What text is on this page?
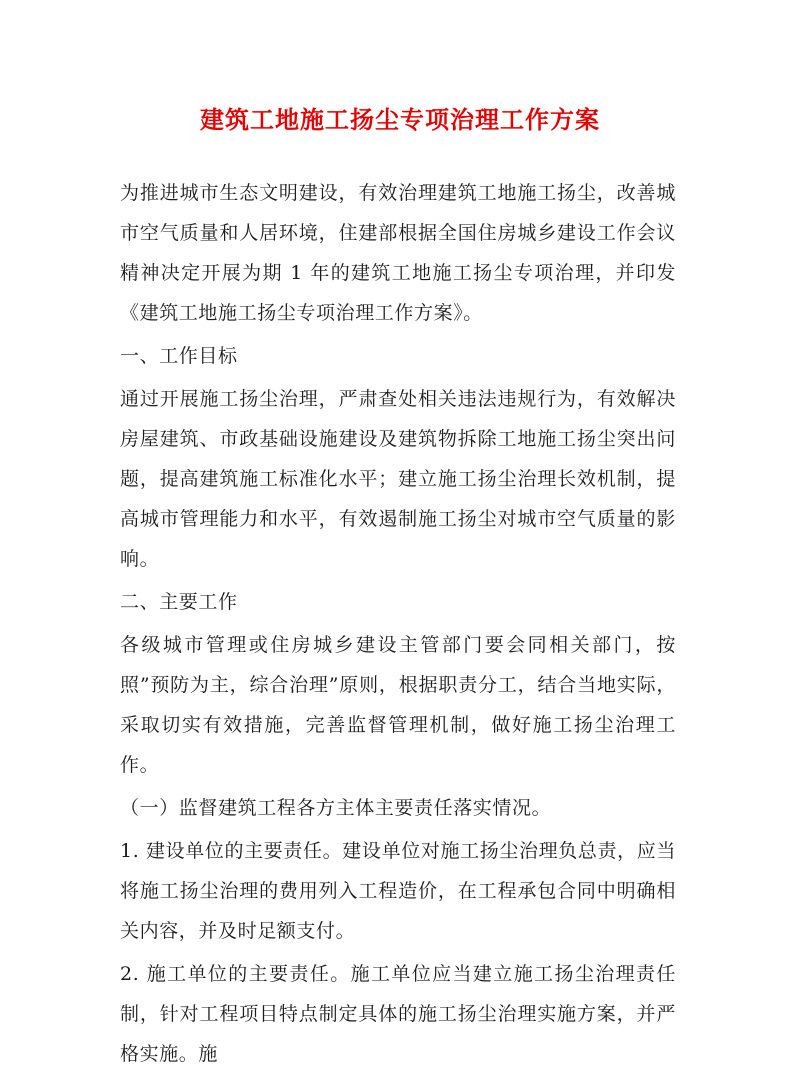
建筑工地施工扬尘专项治理工作方案

为推进城市生态文明建设，有效治理建筑工地施工扬尘，改善城市空气质量和人居环境，住建部根据全国住房城乡建设工作会议精神决定开展为期 1 年的建筑工地施工扬尘专项治理，并印发《建筑工地施工扬尘专项治理工作方案》。

一、工作目标

通过开展施工扬尘治理，严肃查处相关违法违规行为，有效解决房屋建筑、市政基础设施建设及建筑物拆除工地施工扬尘突出问题，提高建筑施工标准化水平；建立施工扬尘治理长效机制，提高城市管理能力和水平，有效遏制施工扬尘对城市空气质量的影响。

二、主要工作

各级城市管理或住房城乡建设主管部门要会同相关部门，按照”预防为主，综合治理”原则，根据职责分工，结合当地实际，采取切实有效措施，完善监督管理机制，做好施工扬尘治理工作。

（一）监督建筑工程各方主体主要责任落实情况。

1. 建设单位的主要责任。建设单位对施工扬尘治理负总责，应当将施工扬尘治理的费用列入工程造价，在工程承包合同中明确相关内容，并及时足额支付。

2. 施工单位的主要责任。施工单位应当建立施工扬尘治理责任制，针对工程项目特点制定具体的施工扬尘治理实施方案，并严格实施。施
